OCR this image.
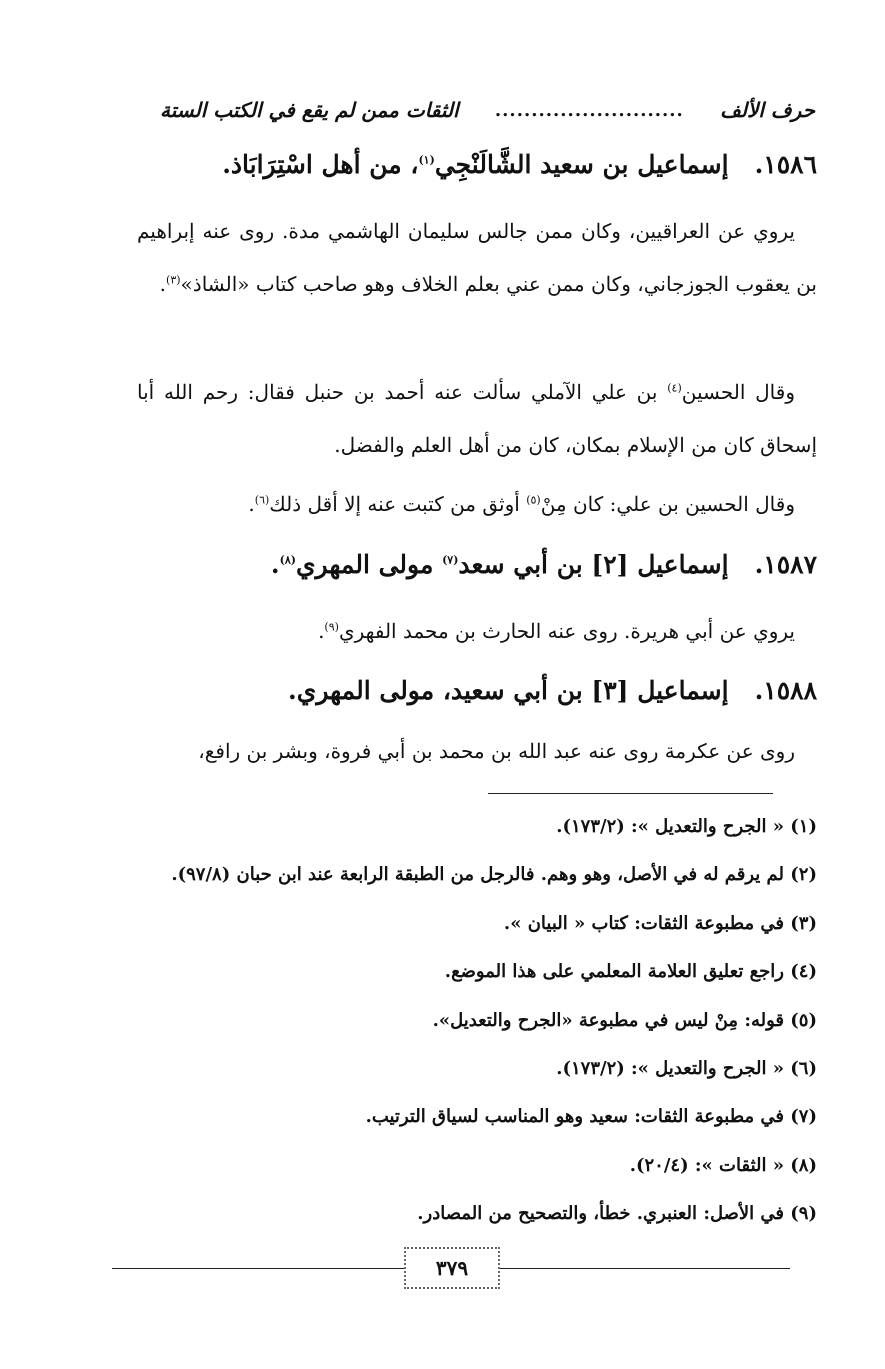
حرف الألف
..........................
الثقات ممن لم يقع في الكتب الستة
١٥٨٦.إسماعيل بن سعيد الشَّالَنْجِي$^{(١)}$، من أهل اسْتِرَابَاذ.

يروي عن العراقيين، وكان ممن جالس سليمان الهاشمي مدة. روى عنه إبراهيم بن يعقوب الجوزجاني، وكان ممن عني بعلم الخلاف وهو صاحب كتاب «الشاذ»$^{(٣)}$.

وقال الحسين$^{(٤)}$ بن علي الآملي سألت عنه أحمد بن حنبل فقال: رحم الله أبا إسحاق كان من الإسلام بمكان، كان من أهل العلم والفضل.

وقال الحسين بن علي: كان مِنْ$^{(٥)}$ أوثق من كتبت عنه إلا أقل ذلك$^{(٦)}$.

١٥٨٧.إسماعيل [٢] بن أبي سعد$^{(٧)}$ مولى المهري$^{(٨)}$.

يروي عن أبي هريرة. روى عنه الحارث بن محمد الفهري$^{(٩)}$.

١٥٨٨.إسماعيل [٣] بن أبي سعيد، مولى المهري.

روى عن عكرمة روى عنه عبد الله بن محمد بن أبي فروة، وبشر بن رافع،

(١) « الجرح والتعديل »: (١٧٣/٢).
(٢) لم يرقم له في الأصل، وهو وهم. فالرجل من الطبقة الرابعة عند ابن حبان (٩٧/٨).
(٣) في مطبوعة الثقات: كتاب « البيان ».
(٤) راجع تعليق العلامة المعلمي على هذا الموضع.
(٥) قوله: مِنْ ليس في مطبوعة «الجرح والتعديل».
(٦) « الجرح والتعديل »: (١٧٣/٢).
(٧) في مطبوعة الثقات: سعيد وهو المناسب لسياق الترتيب.
(٨) « الثقات »: (٢٠/٤).
(٩) في الأصل: العنبري. خطأ، والتصحيح من المصادر.
٣٧٩
